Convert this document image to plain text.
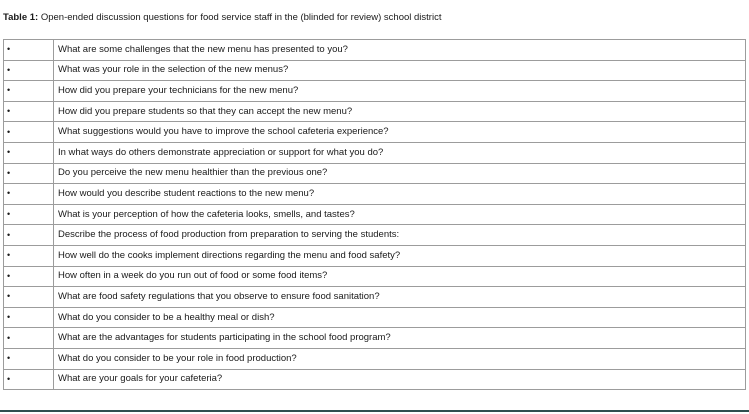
Table 1: Open-ended discussion questions for food service staff in the (blinded for review) school district
•	What are some challenges that the new menu has presented to you?
•	What was your role in the selection of the new menus?
•	How did you prepare your technicians for the new menu?
•	How did you prepare students so that they can accept the new menu?
•	What suggestions would you have to improve the school cafeteria experience?
•	In what ways do others demonstrate appreciation or support for what you do?
•	Do you perceive the new menu healthier than the previous one?
•	How would you describe student reactions to the new menu?
•	What is your perception of how the cafeteria looks, smells, and tastes?
•	Describe the process of food production from preparation to serving the students:
•	How well do the cooks implement directions regarding the menu and food safety?
•	How often in a week do you run out of food or some food items?
•	What are food safety regulations that you observe to ensure food sanitation?
•	What do you consider to be a healthy meal or dish?
•	What are the advantages for students participating in the school food program?
•	What do you consider to be your role in food production?
•	What are your goals for your cafeteria?
